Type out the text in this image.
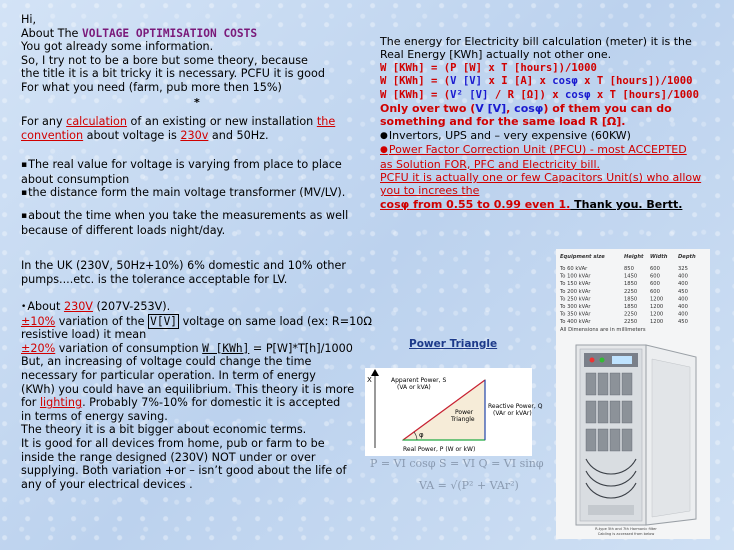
Hi,
About The VOLTAGE OPTIMISATION COSTS
You got already some information.
So, I try not to be a bore but some theory, because
the title it is a bit tricky it is necessary. PCFU it is good
For what you need (farm, pub more then 15%)
*
For any calculation of an existing or new installation the
convention about voltage is 230v and 50Hz.
▪The real value for voltage is varying from place to place
about consumption
▪the distance form the main voltage transformer (MV/LV).
▪about the time when you take the measurements as well
because of different loads night/day.
In the UK (230V, 50Hz+10%) 6% domestic and 10% other
pumps....etc. is the tolerance acceptable for LV.
•About 230V (207V-253V).
±10% variation of the V[V] voltage on same load (ex: R=10Ω
resistive load) it mean
±20% variation of consumption W [KWh] = P[W]*T[h]/1000
But, an increasing of voltage could change the time
necessary for particular operation. In term of energy
(KWh) you could have an equilibrium. This theory it is more
for lighting. Probably 7%-10% for domestic it is accepted
in terms of energy saving.
The theory it is a bit bigger about economic terms.
It is good for all devices from home, pub or farm to be
inside the range designed (230V) NOT under or over
supplying. Both variation +or – isn’t good about the life of
any of your electrical devices .
The energy for Electricity bill calculation (meter) it is the
Real Energy [KWh] actually not other one.
W [KWh] = (P [W] x T [hours])/1000
W [KWh] = (V [V] x I [A] x cosφ x T [hours])/1000
W [KWh] = (V² [V] / R [Ω]) x cosφ x T [hours]/1000
Only over two (V [V], cosφ) of them you can do
something and for the same load R [Ω].
●Invertors, UPS and – very expensive (60KW)
●Power Factor Correction Unit (PFCU) - most ACCEPTED
as Solution FOR, PFC and Electricity bill.
PCFU it is actually one or few Capacitors Unit(s) who allow
you to increes the
cosφ from 0.55 to 0.99 even 1. Thank you. Bertt.
Power Triangle
X
φ
Apparent Power, S
(VA or kVA)
Power
Triangle
Reactive Power, Q
(VAr or kVAr)
Real Power, P (W or kW)
P = VI cosφ S = VI Q = VI sinφ
VA = √(P² + VAr²)
Equipment size	Height Width Depth
To 60 kVAr	850	600	325
To 100 kVAr	1450 600	400
To 150 kVAr	1850 600	400
To 200 kVAr	2250 600	450
To 250 kVAr	1850 1200	400
To 300 kVAr	1850 1200	400
To 350 kVAr	2250 1200	400
To 400 kVAr	2250 1200	450
All Dimensions are in millimeters
R-type 5th and 7th Harmonic filter
Cabling is accessed from below
